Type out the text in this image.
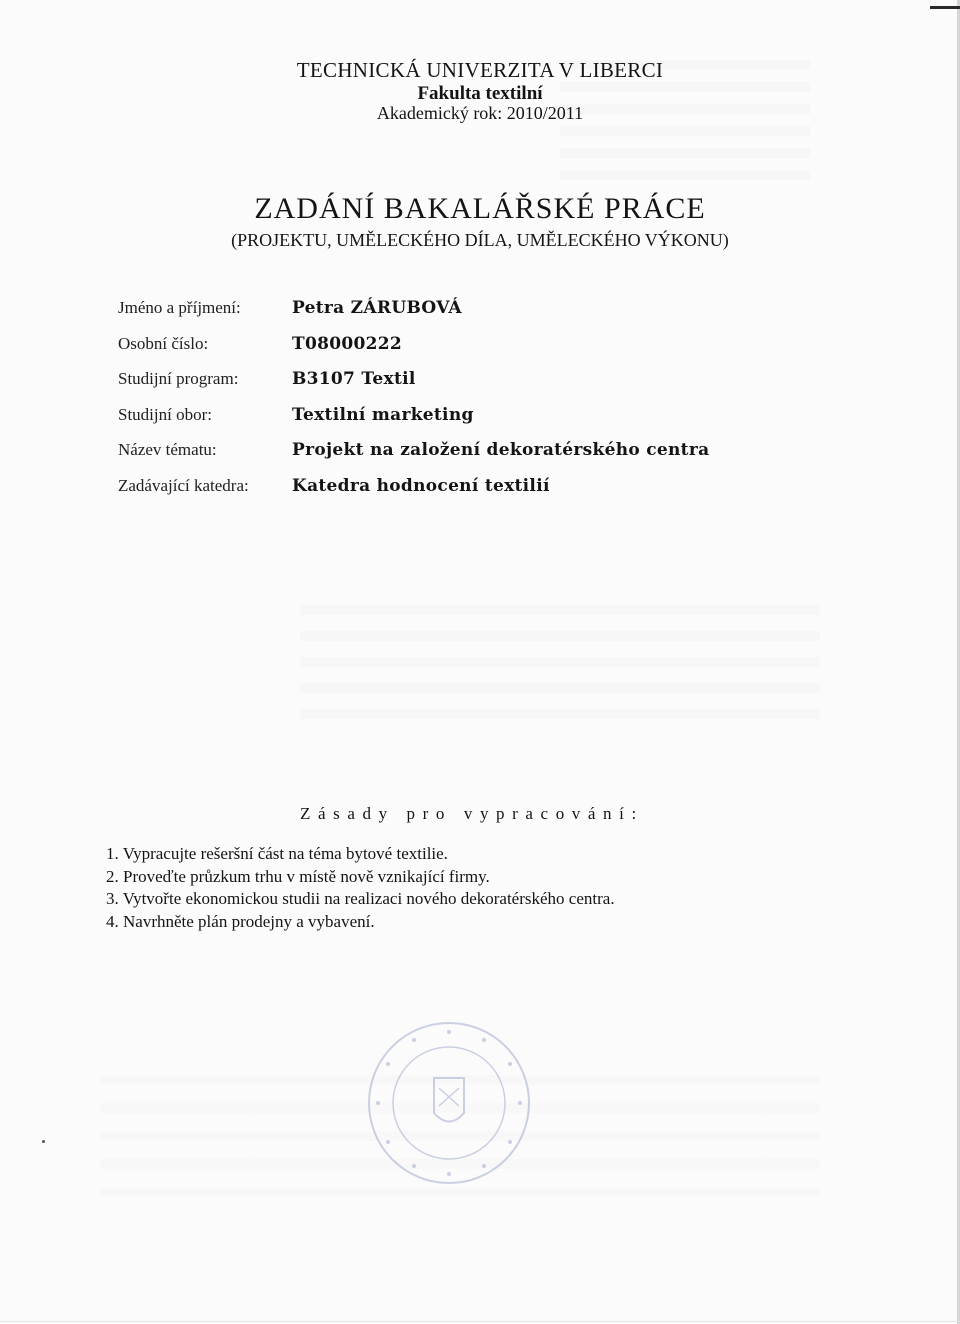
TECHNICKÁ UNIVERZITA V LIBERCI
Fakulta textilní
Akademický rok: 2010/2011
ZADÁNÍ BAKALÁŘSKÉ PRÁCE
(PROJEKTU, UMĚLECKÉHO DÍLA, UMĚLECKÉHO VÝKONU)
Jméno a příjmení:	Petra ZÁRUBOVÁ
Osobní číslo:	T08000222
Studijní program:	B3107 Textil
Studijní obor:	Textilní marketing
Název tématu:	Projekt na založení dekoratérského centra
Zadávající katedra:	Katedra hodnocení textilií
Zásady pro vypracování:
1. Vypracujte rešeršní část na téma bytové textilie.
2. Proveďte průzkum trhu v místě nově vznikající firmy.
3. Vytvořte ekonomickou studii na realizaci nového dekoratérského centra.
4. Navrhněte plán prodejny a vybavení.
